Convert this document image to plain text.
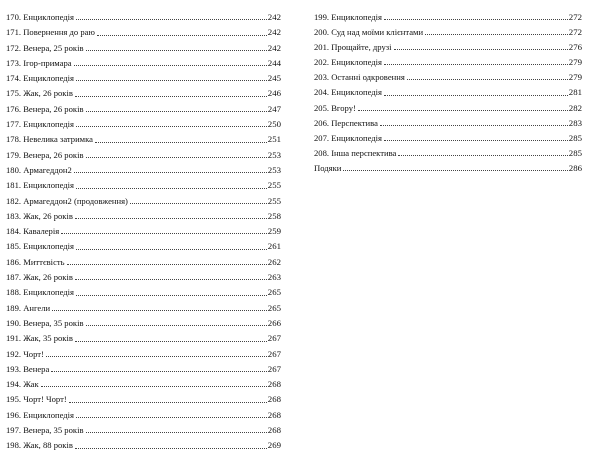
170. Енциклопедія	242
171. Повернення до раю	242
172. Венера, 25 років	242
173. Ігор-примара	244
174. Енциклопедія	245
175. Жак, 26 років	246
176. Венера, 26 років	247
177. Енциклопедія	250
178. Невелика затримка	251
179. Венера, 26 років	253
180. Армагеддон2	253
181. Енциклопедія	255
182. Армагеддон2 (продовження)	255
183. Жак, 26 років	258
184. Кавалерія	259
185. Енциклопедія	261
186. Миттєвість	262
187. Жак, 26 років	263
188. Енциклопедія	265
189. Ангели	265
190. Венера, 35 років	266
191. Жак, 35 років	267
192. Чорт!	267
193. Венера	267
194. Жак	268
195. Чорт! Чорт!	268
196. Енциклопедія	268
197. Венера, 35 років	268
198. Жак, 88 років	269
199. Енциклопедія	272
200. Суд над моїми клієнтами	272
201. Прощайте, друзі	276
202. Енциклопедія	279
203. Останні одкровення	279
204. Енциклопедія	281
205. Вгору!	282
206. Перспектива	283
207. Енциклопедія	285
208. Інша перспектива	285
Подяки	286
